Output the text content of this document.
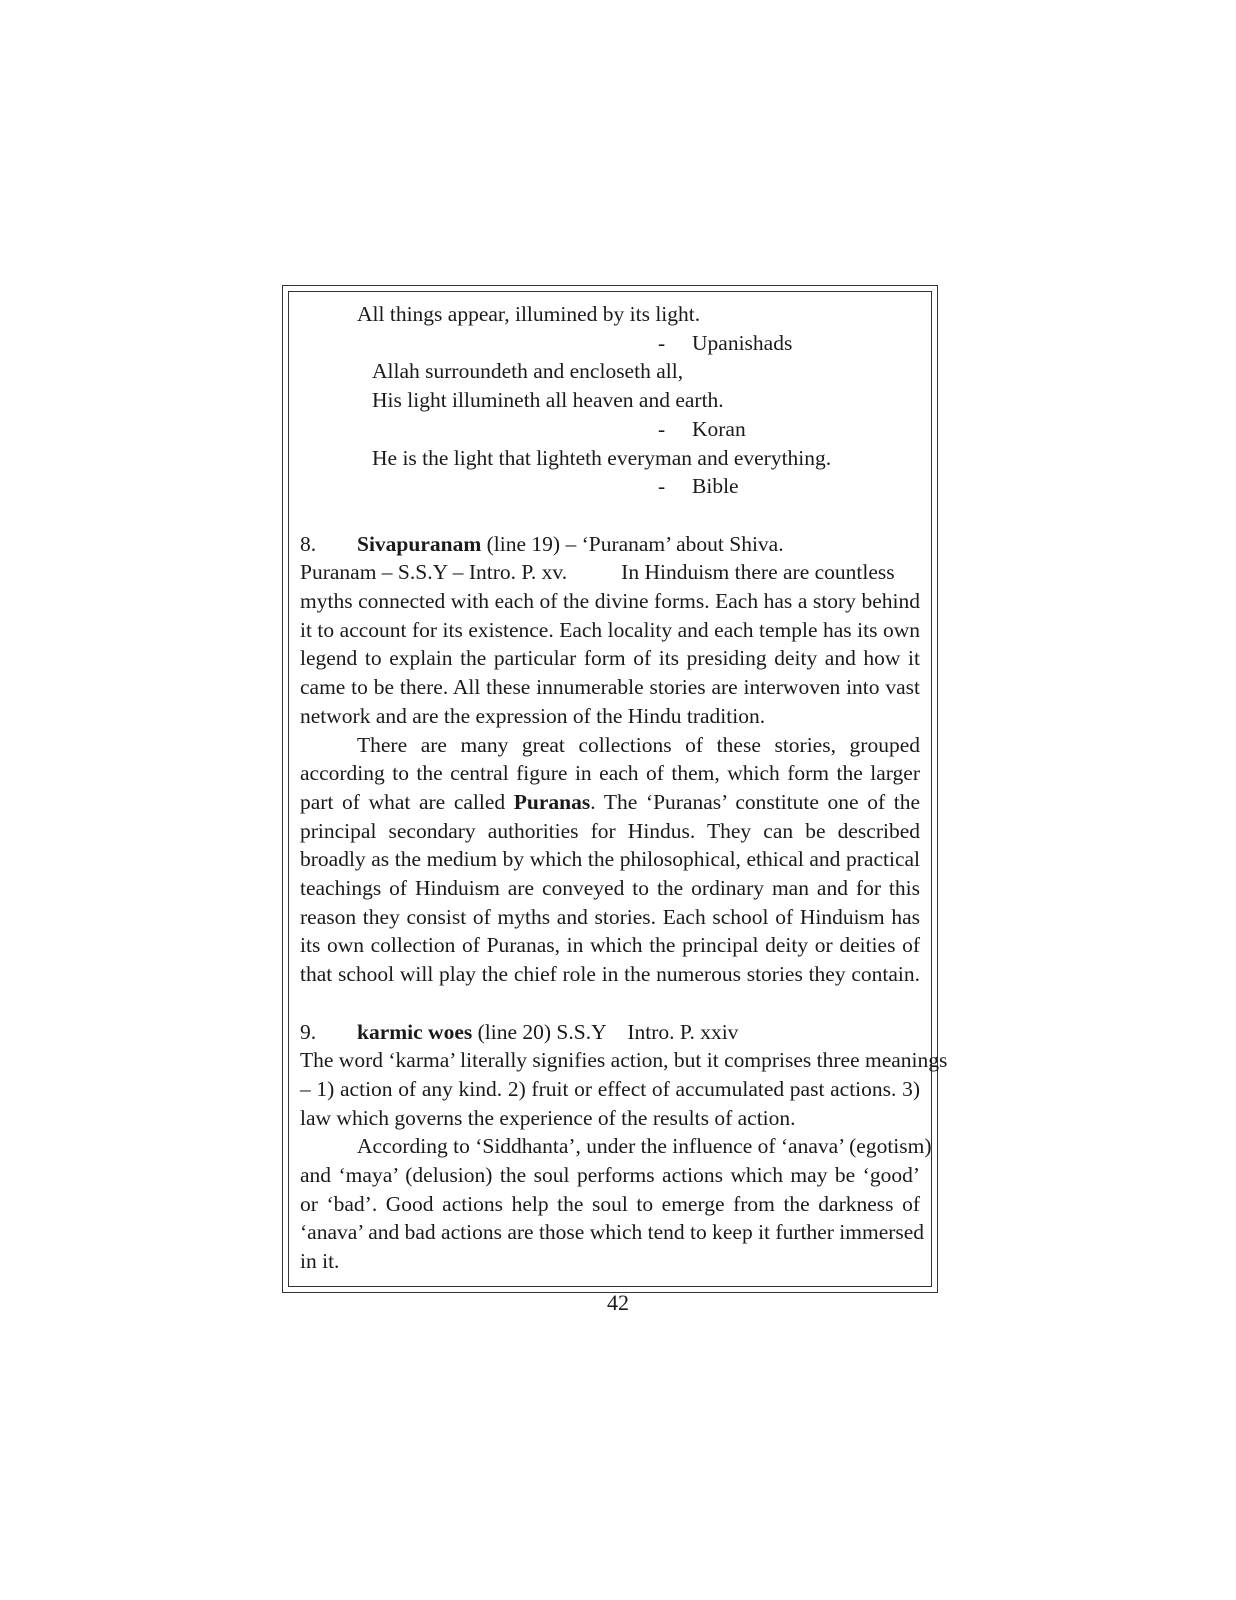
All things appear, illumined by its light.
- Upanishads
Allah surroundeth and encloseth all,
His light illumineth all heaven and earth.
- Koran
He is the light that lighteth everyman and everything.
- Bible
8. Sivapuranam (line 19) – ‘Puranam’ about Shiva.
Puranam – S.S.Y – Intro. P. xv.	In Hinduism there are countless
myths connected with each of the divine forms. Each has a story behind
it to account for its existence. Each locality and each temple has its own
legend to explain the particular form of its presiding deity and how it
came to be there. All these innumerable stories are interwoven into vast
network and are the expression of the Hindu tradition.
There are many great collections of these stories, grouped
according to the central figure in each of them, which form the larger
part of what are called Puranas. The ‘Puranas’ constitute one of the
principal secondary authorities for Hindus. They can be described
broadly as the medium by which the philosophical, ethical and practical
teachings of Hinduism are conveyed to the ordinary man and for this
reason they consist of myths and stories. Each school of Hinduism has
its own collection of Puranas, in which the principal deity or deities of
that school will play the chief role in the numerous stories they contain.
9. karmic woes (line 20) S.S.Y    Intro. P. xxiv
The word ‘karma’ literally signifies action, but it comprises three meanings
– 1) action of any kind. 2) fruit or effect of accumulated past actions. 3)
law which governs the experience of the results of action.
According to ‘Siddhanta’, under the influence of ‘anava’ (egotism)
and ‘maya’ (delusion) the soul performs actions which may be ‘good’
or ‘bad’. Good actions help the soul to emerge from the darkness of
‘anava’ and bad actions are those which tend to keep it further immersed
in it.
42
